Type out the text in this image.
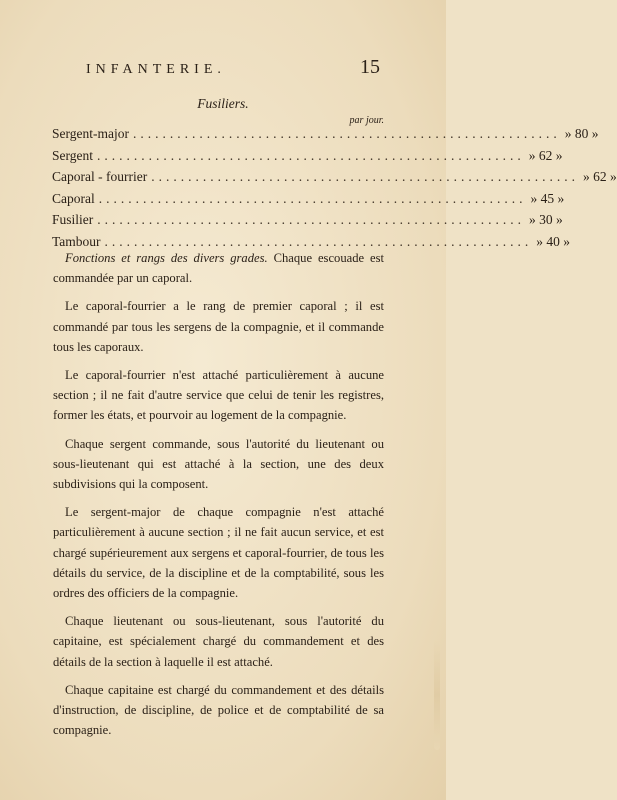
INFANTERIE.	15
Fusiliers.
par jour.
Sergent-major .......................................................... » 80 »
Sergent .......................................................... » 62 »
Caporal - fourrier .......................................................... » 62 »
Caporal .......................................................... » 45 »
Fusilier .......................................................... » 30 »
Tambour .......................................................... » 40 »

Fonctions et rangs des divers grades. Chaque escouade est commandée par un caporal.

Le caporal-fourrier a le rang de premier caporal ; il est commandé par tous les sergens de la compagnie, et il commande tous les caporaux.

Le caporal-fourrier n'est attaché particulièrement à aucune section ; il ne fait d'autre service que celui de tenir les registres, former les états, et pourvoir au logement de la compagnie.

Chaque sergent commande, sous l'autorité du lieutenant ou sous-lieutenant qui est attaché à la section, une des deux subdivisions qui la composent.

Le sergent-major de chaque compagnie n'est attaché particulièrement à aucune section ; il ne fait aucun service, et est chargé supérieurement aux sergens et caporal-fourrier, de tous les détails du service, de la discipline et de la comptabilité, sous les ordres des officiers de la compagnie.

Chaque lieutenant ou sous-lieutenant, sous l'autorité du capitaine, est spécialement chargé du commandement et des détails de la section à laquelle il est attaché.

Chaque capitaine est chargé du commandement et des détails d'instruction, de discipline, de police et de comptabilité de sa compagnie.
